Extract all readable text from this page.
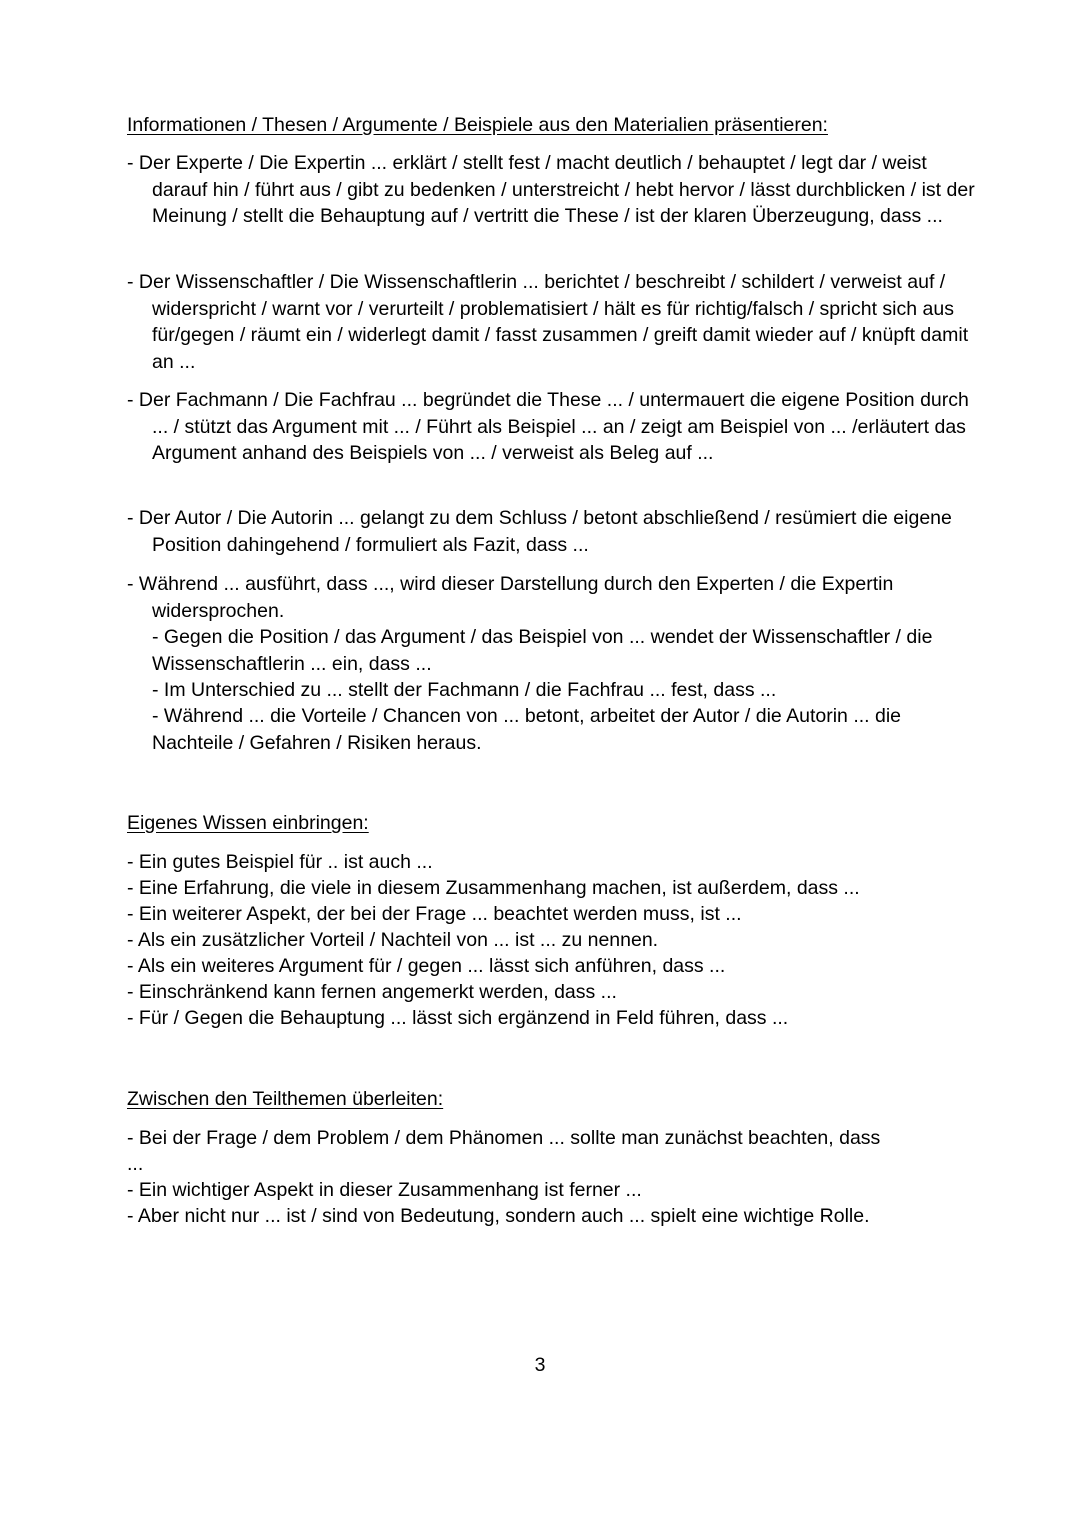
Informationen / Thesen / Argumente / Beispiele aus den Materialien präsentieren:

- Der Experte / Die Expertin ... erklärt / stellt fest / macht deutlich / behauptet / legt dar / weist darauf hin / führt aus / gibt zu bedenken / unterstreicht / hebt hervor / lässt durchblicken / ist der Meinung / stellt die Behauptung auf / vertritt die These / ist der klaren Überzeugung, dass ...

- Der Wissenschaftler / Die Wissenschaftlerin ... berichtet / beschreibt / schildert / verweist auf / widerspricht / warnt vor / verurteilt / problematisiert / hält es für richtig/falsch / spricht sich aus für/gegen / räumt ein / widerlegt damit / fasst zusammen / greift damit wieder auf / knüpft damit an ...

- Der Fachmann / Die Fachfrau ... begründet die These ... / untermauert die eigene Position durch ... / stützt das Argument mit ... / Führt als Beispiel ... an / zeigt am Beispiel von ... /erläutert das Argument anhand des Beispiels von ... / verweist als Beleg auf ...

- Der Autor / Die Autorin ... gelangt zu dem Schluss / betont abschließend / resümiert die eigene Position dahingehend / formuliert als Fazit, dass ...

- Während ... ausführt, dass ..., wird dieser Darstellung durch den Experten / die Expertin widersprochen.

- Gegen die Position / das Argument / das Beispiel von ... wendet der Wissenschaftler / die Wissenschaftlerin ... ein, dass ...

- Im Unterschied zu ... stellt der Fachmann / die Fachfrau ... fest, dass ...

- Während ... die Vorteile / Chancen von ... betont, arbeitet der Autor / die Autorin ... die Nachteile / Gefahren / Risiken heraus.

Eigenes Wissen einbringen:

- Ein gutes Beispiel für .. ist auch ...

- Eine Erfahrung, die viele in diesem Zusammenhang machen, ist außerdem, dass ...

- Ein weiterer Aspekt, der bei der Frage ... beachtet werden muss, ist ...

- Als ein zusätzlicher Vorteil / Nachteil von ... ist ... zu nennen.

- Als ein weiteres Argument für / gegen ... lässt sich anführen, dass ...

- Einschränkend kann fernen angemerkt werden, dass ...

- Für / Gegen die Behauptung ... lässt sich ergänzend in Feld führen, dass ...

Zwischen den Teilthemen überleiten:

- Bei der Frage / dem Problem / dem Phänomen ... sollte man zunächst beachten, dass

...

- Ein wichtiger Aspekt in dieser Zusammenhang ist ferner ...

- Aber nicht nur ... ist / sind von Bedeutung, sondern auch ... spielt eine wichtige Rolle.

3
